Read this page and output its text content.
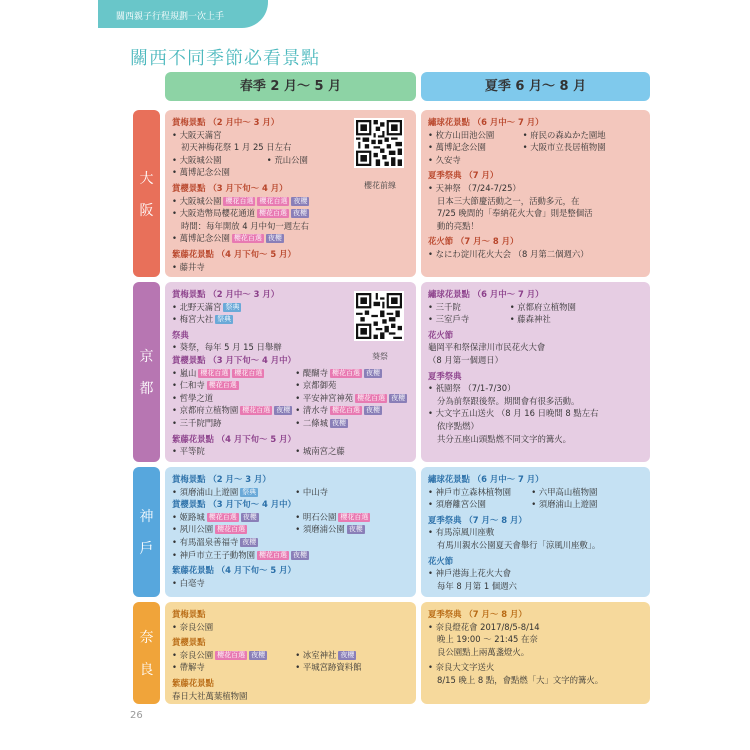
關西親子行程規劃一次上手
關西不同季節必看景點
春季 2 月～ 5 月	夏季 6 月～ 8 月
大
阪
京
都
神
戶
奈
良
賞梅景點 （2 月中～ 3 月）
• 大阪天滿宮
初天神梅花祭 1 月 25 日左右
• 大阪城公園	• 荒山公園
• 萬博記念公園
賞櫻景點 （3 月下旬～ 4 月）
• 大阪城公園 櫻花百選 櫻花百選 夜櫻
• 大阪造幣局櫻花通道 櫻花百選 夜櫻
時間：每年開放 4 月中旬一週左右
• 萬博記念公園 櫻花百選 夜櫻
紫藤花景點 （4 月下旬～ 5 月）
• 藤井寺
櫻花前線
繡球花景點 （6 月中～ 7 月）
• 枚方山田池公園	• 府民の森ぬかた園地
• 萬博記念公園	• 大阪市立長居植物園
• 久安寺
夏季祭典 （7 月）
• 天神祭 （7/24-7/25）
日本三大節慶活動之一，活動多元，在
7/25 晚間的「奉納花火大會」則是整個活
動的亮點！
花火節 （7 月～ 8 月）
• なにわ淀川花火大会 （8 月第二個週六）
賞梅景點 （2 月中～ 3 月）
• 北野天滿宮 祭典
• 梅宮大社 祭典
祭典
• 葵祭，每年 5 月 15 日舉辦
賞櫻景點 （3 月下旬～ 4 月中）
• 嵐山 櫻花百選 櫻花百選	• 醍醐寺 櫻花百選 夜櫻
• 仁和寺 櫻花百選	• 京都御苑
• 哲學之道	• 平安神宮神苑 櫻花百選 夜櫻
• 京都府立植物園 櫻花百選 夜櫻 • 清水寺 櫻花百選 夜櫻
• 三千院門跡	• 二條城 夜櫻
紫藤花景點 （4 月下旬～ 5 月）
• 平等院	• 城南宮之藤
葵祭
繡球花景點 （6 月中～ 7 月）
• 三千院	• 京都府立植物園
• 三室戶寺	• 藤森神社
花火節
龜岡平和祭保津川市民花火大會
（8 月第一個週日）
夏季祭典
• 祇園祭 （7/1-7/30）
分為前祭跟後祭。期間會有很多活動。
• 大文字五山送火 （8 月 16 日晚間 8 點左右
依序點燃）
共分五座山頭點燃不同文字的篝火。
賞梅景點 （2 月～ 3 月）
• 須磨浦山上遊園 祭典	• 中山寺
賞櫻景點 （3 月下旬～ 4 月中）
• 姬路城 櫻花百選 夜櫻	• 明石公園 櫻花百選
• 夙川公園 櫻花百選	• 須磨浦公園 夜櫻
• 有馬溫泉善福寺 夜櫻
• 神戶市立王子動物園 櫻花百選 夜櫻
紫藤花景點 （4 月下旬～ 5 月）
• 白毫寺
繡球花景點 （6 月中～ 7 月）
• 神戶市立森林植物園	• 六甲高山植物園
• 須磨離宮公園	• 須磨浦山上遊園
夏季祭典 （7 月～ 8 月）
• 有馬涼風川座敷
有馬川親水公園夏天會舉行「涼風川座敷」。
花火節
• 神戶港海上花火大會
每年 8 月第 1 個週六
賞梅景點
• 奈良公園
賞櫻景點
• 奈良公園 櫻花百選 夜櫻	• 冰室神社 夜櫻
• 帶解寺	• 平城宮跡資料館
紫藤花景點
春日大社萬葉植物園
夏季祭典 （7 月～ 8 月）
• 奈良燈花會 2017/8/5-8/14
晚上 19:00 ～ 21:45 在奈
良公園點上兩萬盞燈火。
• 奈良大文字送火
8/15 晚上 8 點，會點燃「大」文字的篝火。
26
